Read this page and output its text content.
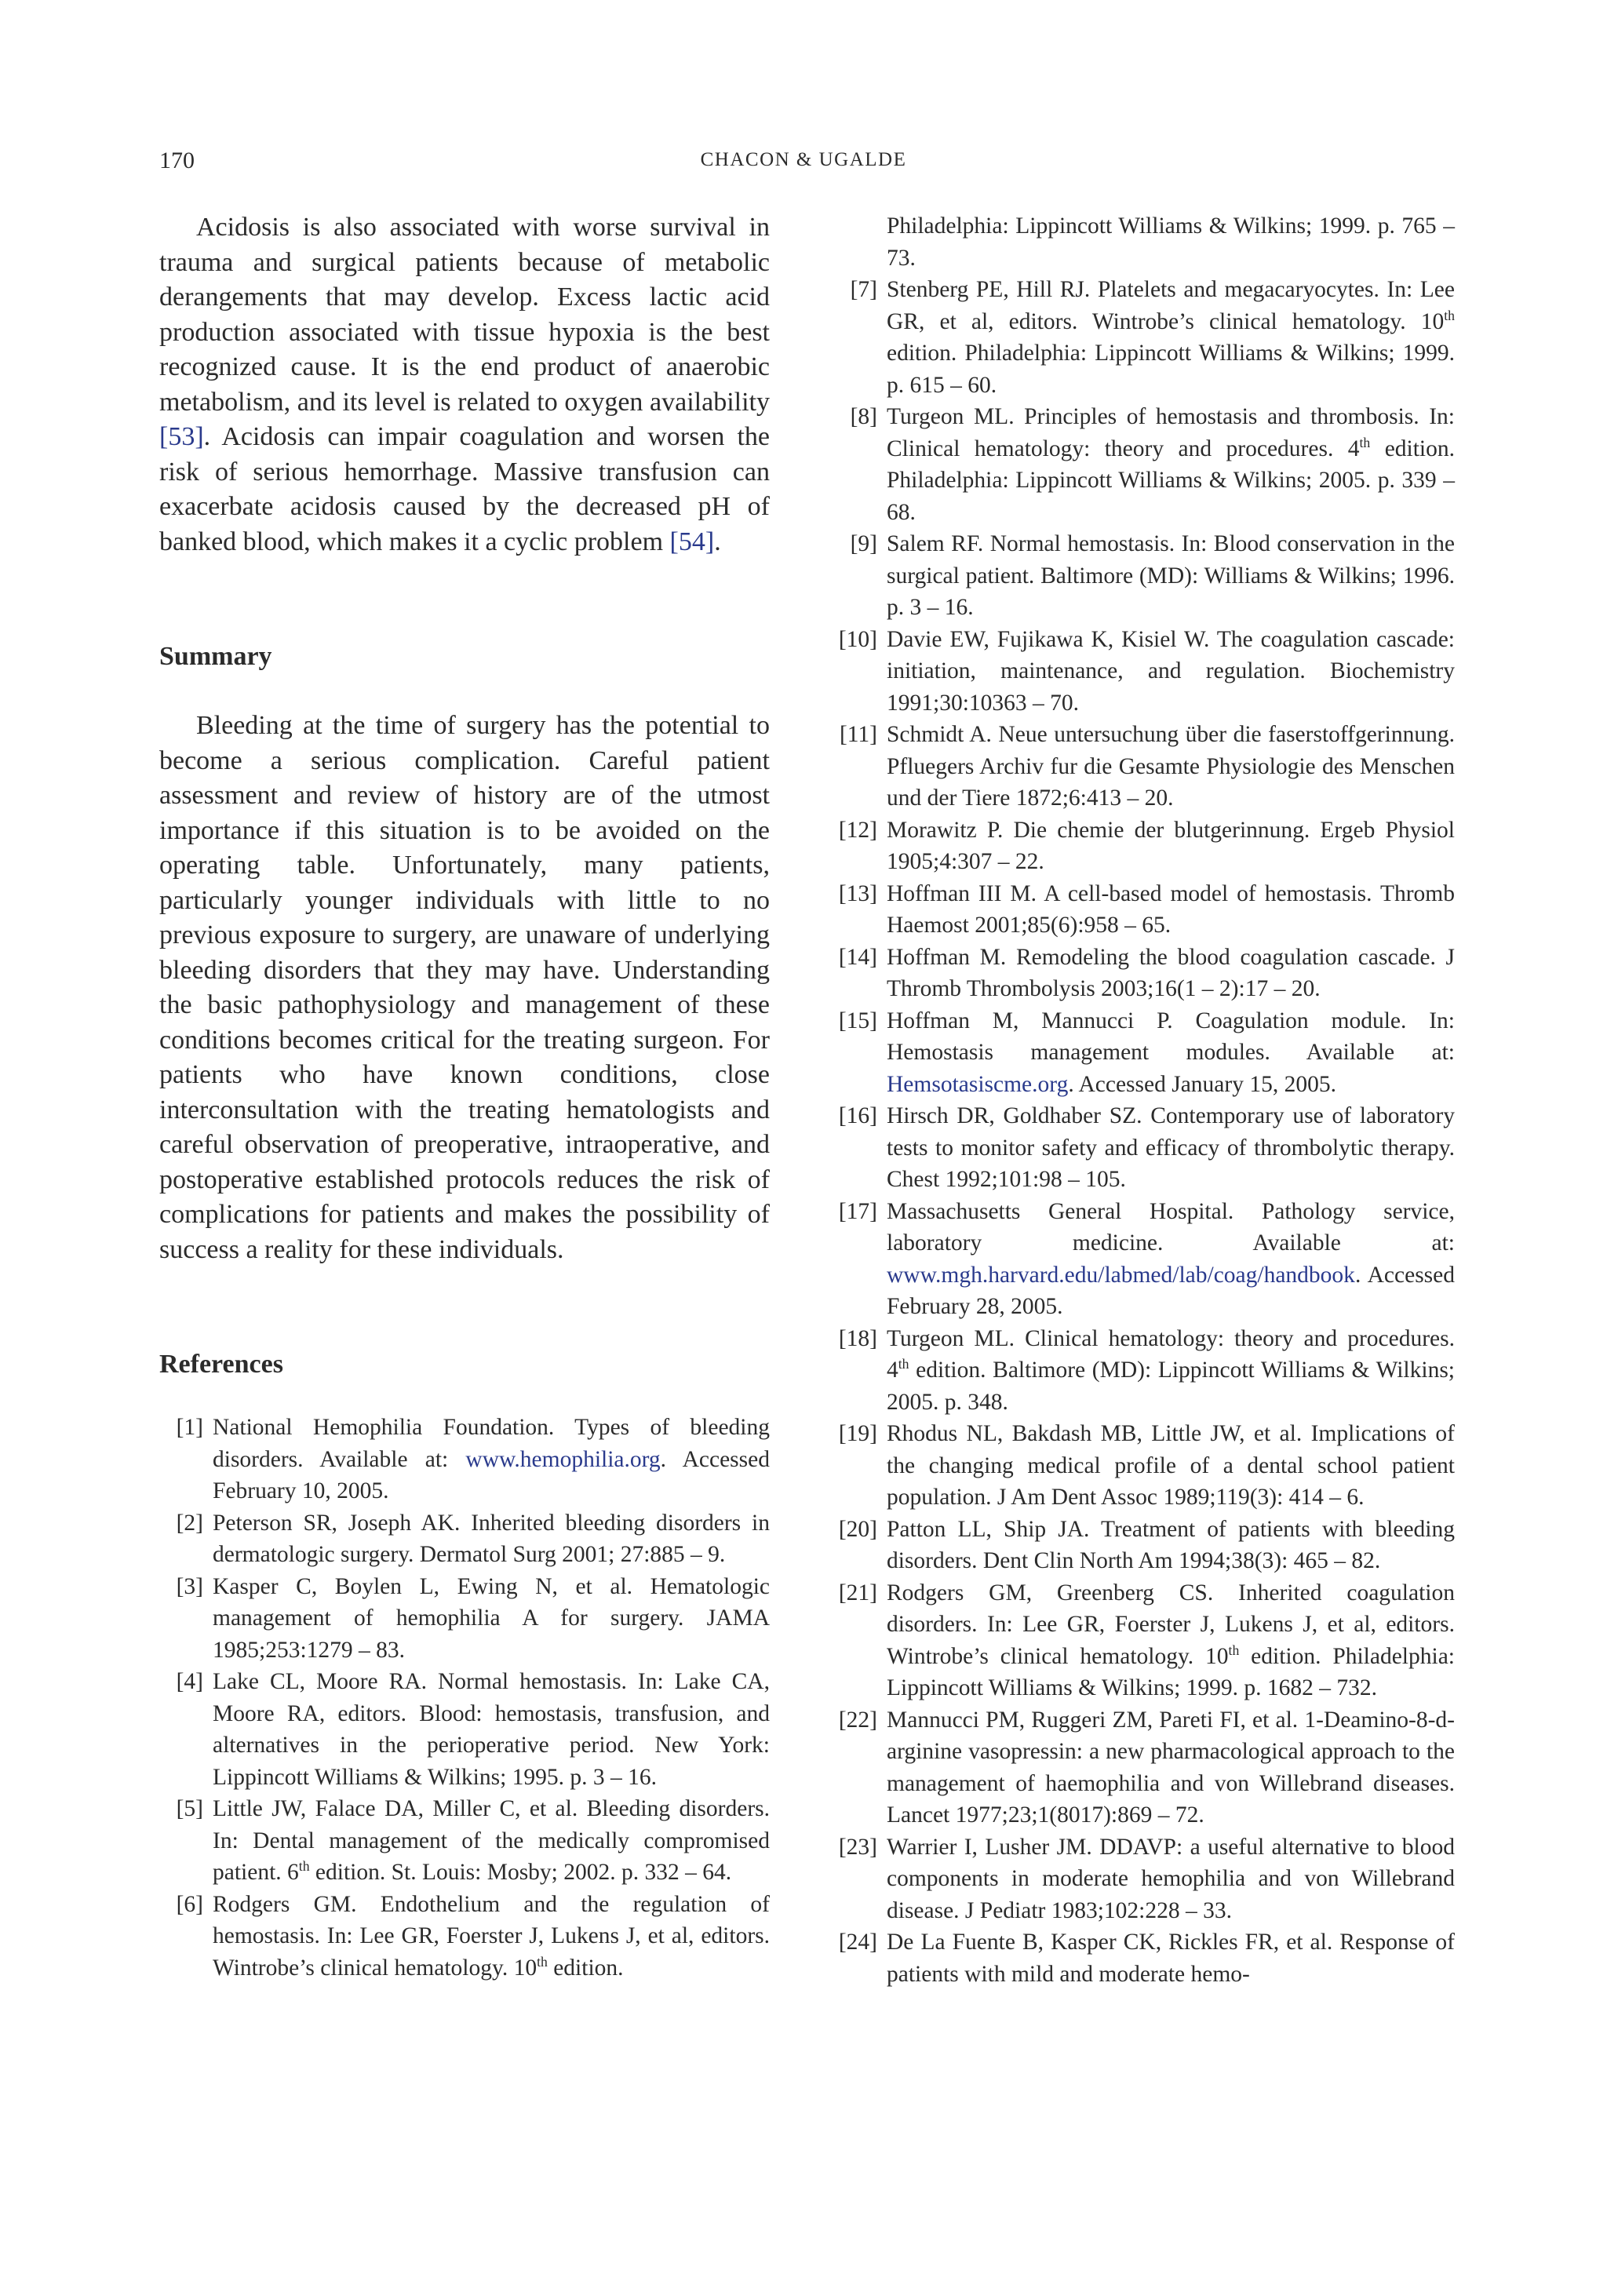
170	CHACON & UGALDE

Acidosis is also associated with worse survival in trauma and surgical patients because of metabolic derangements that may develop. Excess lactic acid production associated with tissue hypoxia is the best recognized cause. It is the end product of anaerobic metabolism, and its level is related to oxygen availability [53]. Acidosis can impair coagulation and worsen the risk of serious hemorrhage. Massive transfusion can exacerbate acidosis caused by the decreased pH of banked blood, which makes it a cyclic problem [54].

Summary

Bleeding at the time of surgery has the potential to become a serious complication. Careful patient assessment and review of history are of the utmost importance if this situation is to be avoided on the operating table. Unfortunately, many patients, particularly younger individuals with little to no previous exposure to surgery, are unaware of underlying bleeding disorders that they may have. Understanding the basic pathophysiology and management of these conditions becomes critical for the treating surgeon. For patients who have known conditions, close interconsultation with the treating hematologists and careful observation of preoperative, intraoperative, and postoperative established protocols reduces the risk of complications for patients and makes the possibility of success a reality for these individuals.

References
[1] National Hemophilia Foundation. Types of bleeding disorders. Available at: www.hemophilia.org. Accessed February 10, 2005.
[2] Peterson SR, Joseph AK. Inherited bleeding disorders in dermatologic surgery. Dermatol Surg 2001; 27:885 – 9.
[3] Kasper C, Boylen L, Ewing N, et al. Hematologic management of hemophilia A for surgery. JAMA 1985;253:1279 – 83.
[4] Lake CL, Moore RA. Normal hemostasis. In: Lake CA, Moore RA, editors. Blood: hemostasis, transfusion, and alternatives in the perioperative period. New York: Lippincott Williams & Wilkins; 1995. p. 3 – 16.
[5] Little JW, Falace DA, Miller C, et al. Bleeding disorders. In: Dental management of the medically compromised patient. 6th edition. St. Louis: Mosby; 2002. p. 332 – 64.
[6] Rodgers GM. Endothelium and the regulation of hemostasis. In: Lee GR, Foerster J, Lukens J, et al, editors. Wintrobe’s clinical hematology. 10th edition.
Philadelphia: Lippincott Williams & Wilkins; 1999. p. 765 – 73.
[7] Stenberg PE, Hill RJ. Platelets and megacaryocytes. In: Lee GR, et al, editors. Wintrobe’s clinical hematology. 10th edition. Philadelphia: Lippincott Williams & Wilkins; 1999. p. 615 – 60.
[8] Turgeon ML. Principles of hemostasis and thrombosis. In: Clinical hematology: theory and procedures. 4th edition. Philadelphia: Lippincott Williams & Wilkins; 2005. p. 339 – 68.
[9] Salem RF. Normal hemostasis. In: Blood conservation in the surgical patient. Baltimore (MD): Williams & Wilkins; 1996. p. 3 – 16.
[10] Davie EW, Fujikawa K, Kisiel W. The coagulation cascade: initiation, maintenance, and regulation. Biochemistry 1991;30:10363 – 70.
[11] Schmidt A. Neue untersuchung über die faserstoffgerinnung. Pfluegers Archiv fur die Gesamte Physiologie des Menschen und der Tiere 1872;6:413 – 20.
[12] Morawitz P. Die chemie der blutgerinnung. Ergeb Physiol 1905;4:307 – 22.
[13] Hoffman III M. A cell-based model of hemostasis. Thromb Haemost 2001;85(6):958 – 65.
[14] Hoffman M. Remodeling the blood coagulation cascade. J Thromb Thrombolysis 2003;16(1 – 2):17 – 20.
[15] Hoffman M, Mannucci P. Coagulation module. In: Hemostasis management modules. Available at: Hemsotasiscme.org. Accessed January 15, 2005.
[16] Hirsch DR, Goldhaber SZ. Contemporary use of laboratory tests to monitor safety and efficacy of thrombolytic therapy. Chest 1992;101:98 – 105.
[17] Massachusetts General Hospital. Pathology service, laboratory medicine. Available at: www.mgh.harvard.edu/labmed/lab/coag/handbook. Accessed February 28, 2005.
[18] Turgeon ML. Clinical hematology: theory and procedures. 4th edition. Baltimore (MD): Lippincott Williams & Wilkins; 2005. p. 348.
[19] Rhodus NL, Bakdash MB, Little JW, et al. Implications of the changing medical profile of a dental school patient population. J Am Dent Assoc 1989;119(3): 414 – 6.
[20] Patton LL, Ship JA. Treatment of patients with bleeding disorders. Dent Clin North Am 1994;38(3): 465 – 82.
[21] Rodgers GM, Greenberg CS. Inherited coagulation disorders. In: Lee GR, Foerster J, Lukens J, et al, editors. Wintrobe’s clinical hematology. 10th edition. Philadelphia: Lippincott Williams & Wilkins; 1999. p. 1682 – 732.
[22] Mannucci PM, Ruggeri ZM, Pareti FI, et al. 1-Deamino-8-d-arginine vasopressin: a new pharmacological approach to the management of haemophilia and von Willebrand diseases. Lancet 1977;23;1(8017):869 – 72.
[23] Warrier I, Lusher JM. DDAVP: a useful alternative to blood components in moderate hemophilia and von Willebrand disease. J Pediatr 1983;102:228 – 33.
[24] De La Fuente B, Kasper CK, Rickles FR, et al. Response of patients with mild and moderate hemo-
